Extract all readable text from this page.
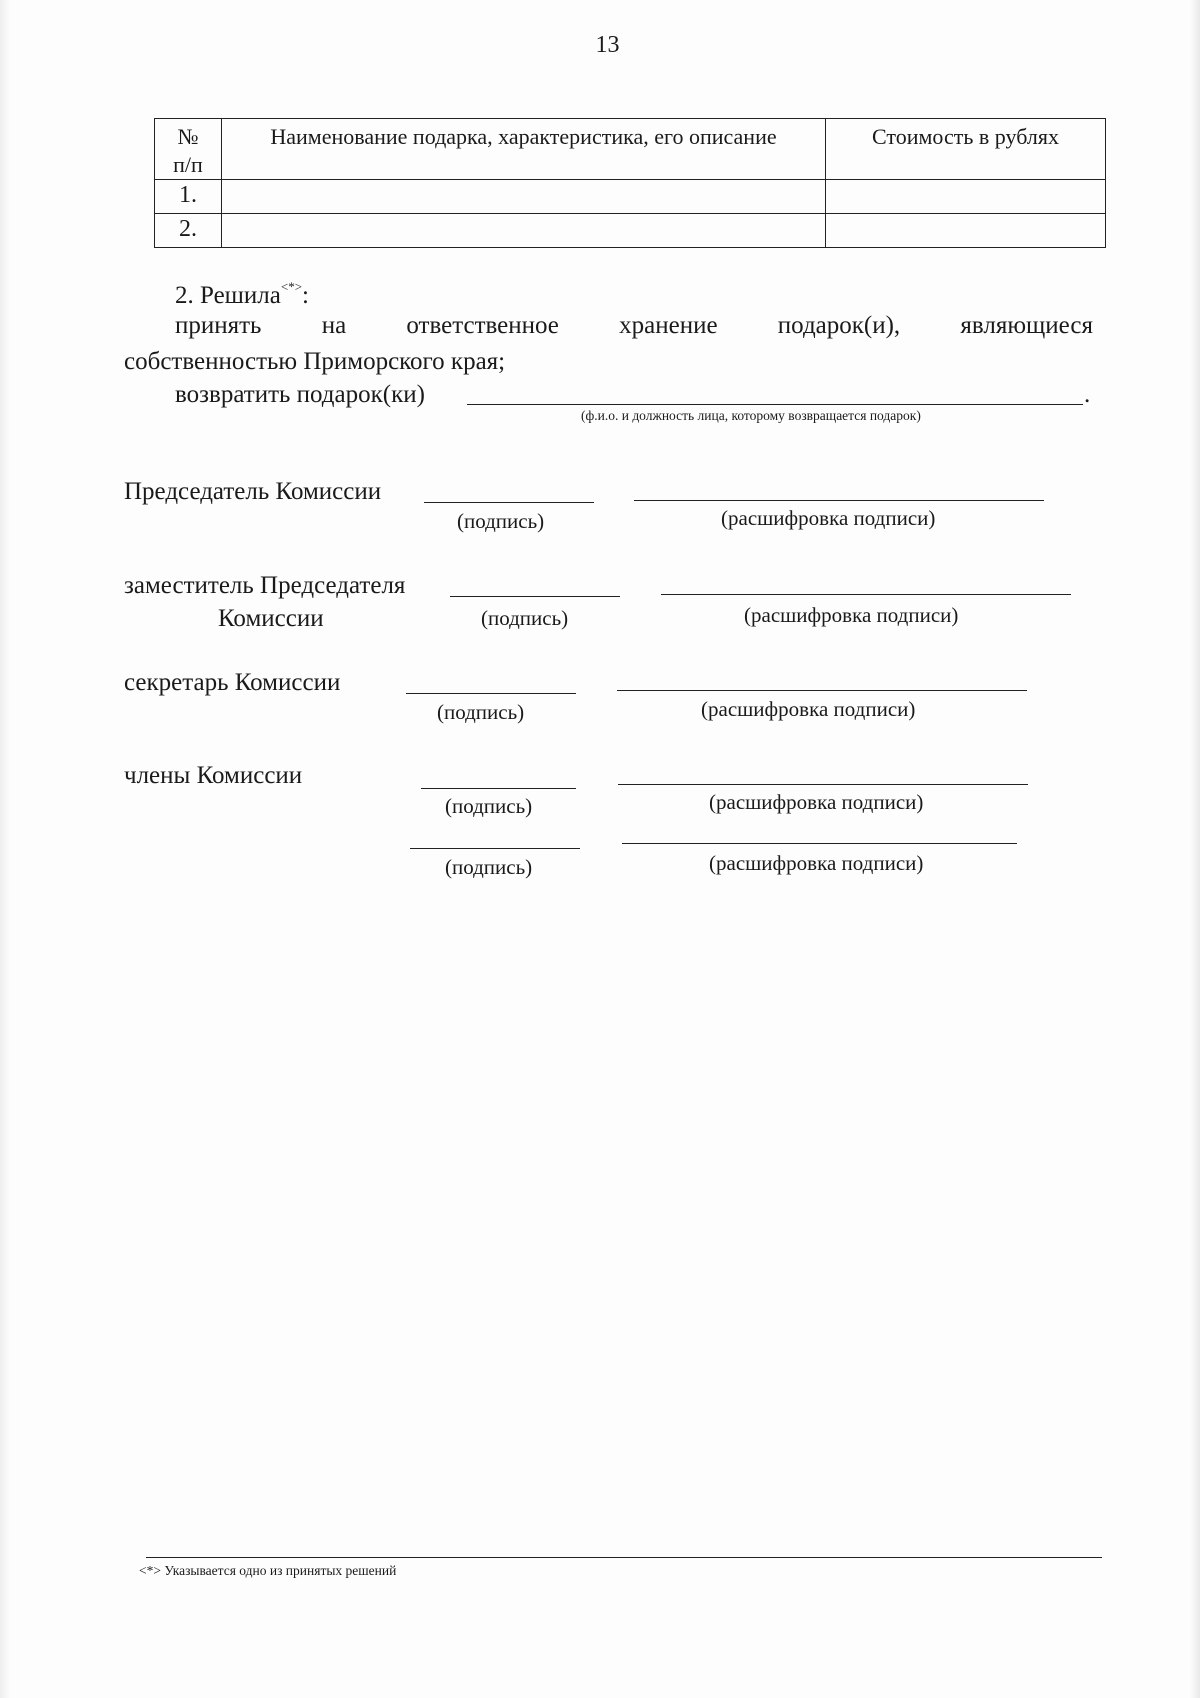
13
№
п/п	Наименование подарка, характеристика, его описание	Стоимость в рублях
1.		
2.		
2. Решила<*>:
принять на ответственное хранение подарок(и), являющиеся
собственностью Приморского края;
возвратить подарок(ки)	.
(ф.и.о. и должность лица, которому возвращается подарок)
Председатель Комиссии
(подпись)	(расшифровка подписи)
заместитель Председателя
Комиссии	(подпись)	(расшифровка подписи)
секретарь Комиссии
(подпись)	(расшифровка подписи)
члены Комиссии
(подпись)	(расшифровка подписи)
(подпись)	(расшифровка подписи)
<*> Указывается одно из принятых решений
